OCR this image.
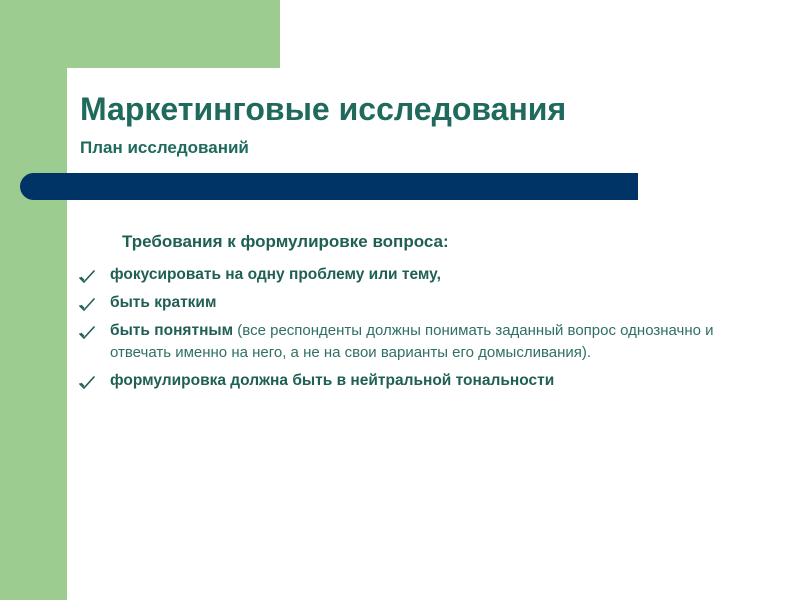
Маркетинговые исследования
План исследований
Требования к формулировке вопроса:
фокусировать на одну проблему или тему,
быть кратким
быть понятным (все респонденты должны понимать заданный вопрос однозначно и отвечать именно на него, а не на свои варианты его домысливания).
формулировка должна быть в нейтральной тональности
